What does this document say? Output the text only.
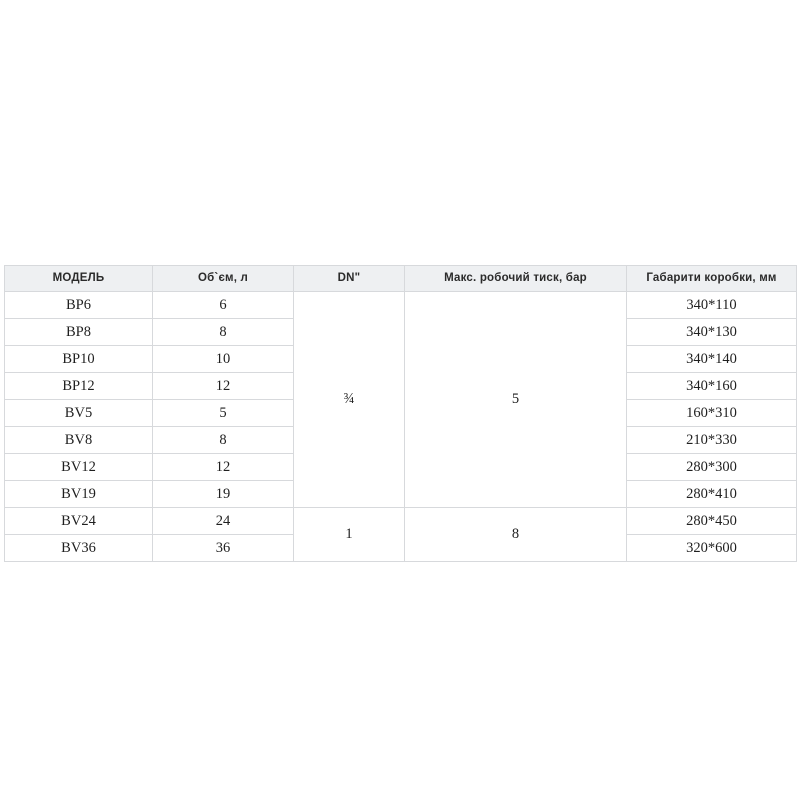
МОДЕЛЬ	Об`єм, л	DN"	Макс. робочий тиск, бар	Габарити коробки, мм
BP6	6	¾	5	340*110
BP8	8			340*130
BP10	10			340*140
BP12	12			340*160
BV5	5			160*310
BV8	8			210*330
BV12	12			280*300
BV19	19			280*410
BV24	24	1	8	280*450
BV36	36			320*600
